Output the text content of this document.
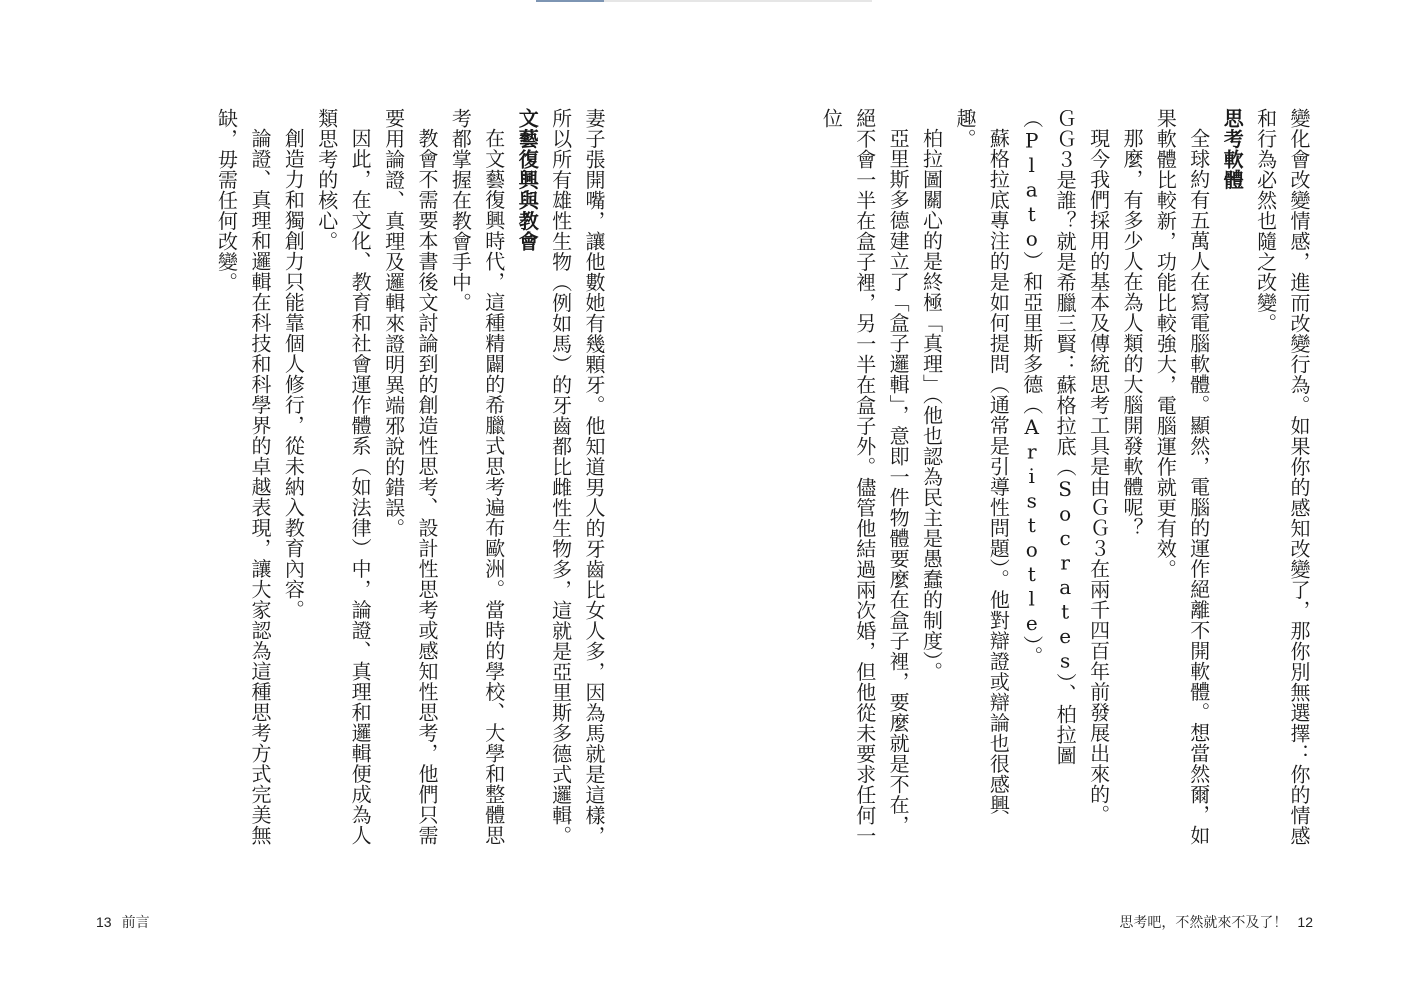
變化會改變情感，進而改變行為。如果你的感知改變了，那你別無選擇：你的情感和行為必然也隨之改變。

思考軟體

全球約有五萬人在寫電腦軟體。顯然，電腦的運作絕離不開軟體。想當然爾，如果軟體比較新，功能比較強大，電腦運作就更有效。

那麼，有多少人在為人類的大腦開發軟體呢？

現今我們採用的基本及傳統思考工具是由ＧＧ３在兩千四百年前發展出來的。

ＧＧ３是誰？就是希臘三賢：蘇格拉底（Socrates）、柏拉圖（Plato）和亞里斯多德（Aristotle）。

蘇格拉底專注的是如何提問（通常是引導性問題）。他對辯證或辯論也很感興趣。

柏拉圖關心的是終極「真理」（他也認為民主是愚蠢的制度）。

亞里斯多德建立了「盒子邏輯」，意即一件物體要麼在盒子裡，要麼就是不在，絕不會一半在盒子裡，另一半在盒子外。儘管他結過兩次婚，但他從未要求任何一位

思考吧，不然就來不及了！ 12

妻子張開嘴，讓他數她有幾顆牙。他知道男人的牙齒比女人多，因為馬就是這樣，所以所有雄性生物（例如馬）的牙齒都比雌性生物多，這就是亞里斯多德式邏輯。

文藝復興與教會

在文藝復興時代，這種精闢的希臘式思考遍布歐洲。當時的學校、大學和整體思考都掌握在教會手中。

教會不需要本書後文討論到的創造性思考、設計性思考或感知性思考，他們只需要用論證、真理及邏輯來證明異端邪說的錯誤。

因此，在文化、教育和社會運作體系（如法律）中，論證、真理和邏輯便成為人類思考的核心。

創造力和獨創力只能靠個人修行，從未納入教育內容。

論證、真理和邏輯在科技和科學界的卓越表現，讓大家認為這種思考方式完美無缺，毋需任何改變。

13 前言
